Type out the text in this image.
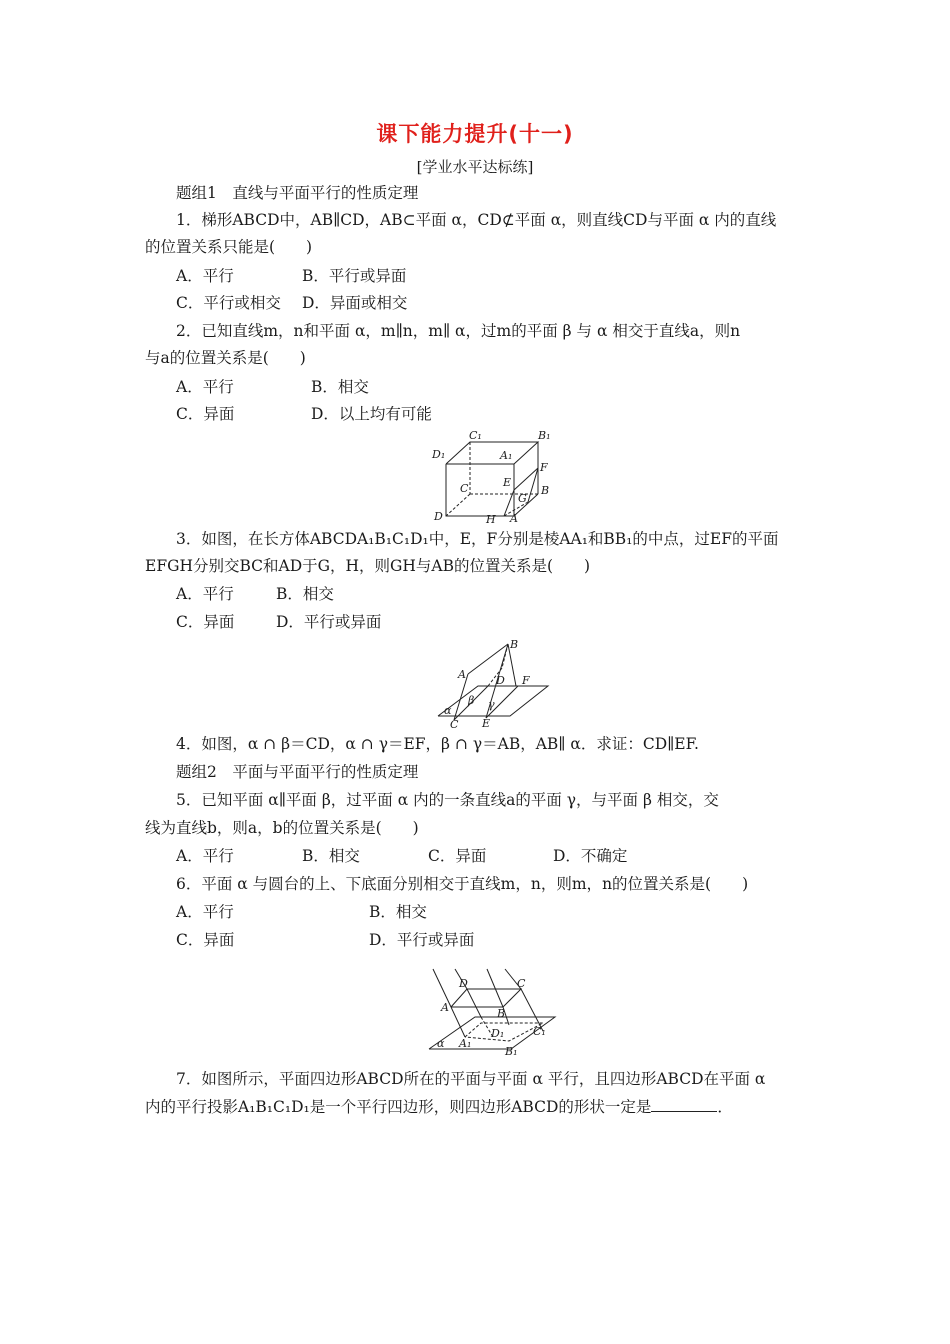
课下能力提升(十一)
[学业水平达标练]
题组1　直线与平面平行的性质定理
1．梯形ABCD中，AB∥CD，AB⊂平面 α，CD⊄平面 α，则直线CD与平面 α 内的直线
的位置关系只能是(　　)
A．平行	B．平行或异面
C．平行或相交 D．异面或相交
2．已知直线m，n和平面 α，m∥n，m∥ α，过m的平面 β 与 α 相交于直线a，则n
与a的位置关系是(　　)
A．平行	B．相交
C．异面	D．以上均有可能
C₁	B₁
D₁	A₁
F
C	E
G
B
D	H A
3．如图，在长方体ABCDA₁B₁C₁D₁中，E，F分别是棱AA₁和BB₁的中点，过EF的平面
EFGH分别交BC和AD于G，H，则GH与AB的位置关系是(　　)
A．平行	B．相交
C．异面	D．平行或异面
B
A	D F
β γ
α
C E
4．如图，α ∩ β＝CD，α ∩ γ＝EF，β ∩ γ＝AB，AB∥ α．求证：CD∥EF.
题组2　平面与平面平行的性质定理
5．已知平面 α∥平面 β，过平面 α 内的一条直线a的平面 γ，与平面 β 相交，交
线为直线b，则a，b的位置关系是(　　)
A．平行	B．相交	C．异面	D．不确定
6．平面 α 与圆台的上、下底面分别相交于直线m，n，则m，n的位置关系是(　　)
A．平行	B．相交
C．异面	D．平行或异面
D	C
A	B
C₁
A₁
D₁
B₁
α
7．如图所示，平面四边形ABCD所在的平面与平面 α 平行，且四边形ABCD在平面 α
内的平行投影A₁B₁C₁D₁是一个平行四边形，则四边形ABCD的形状一定是	．
